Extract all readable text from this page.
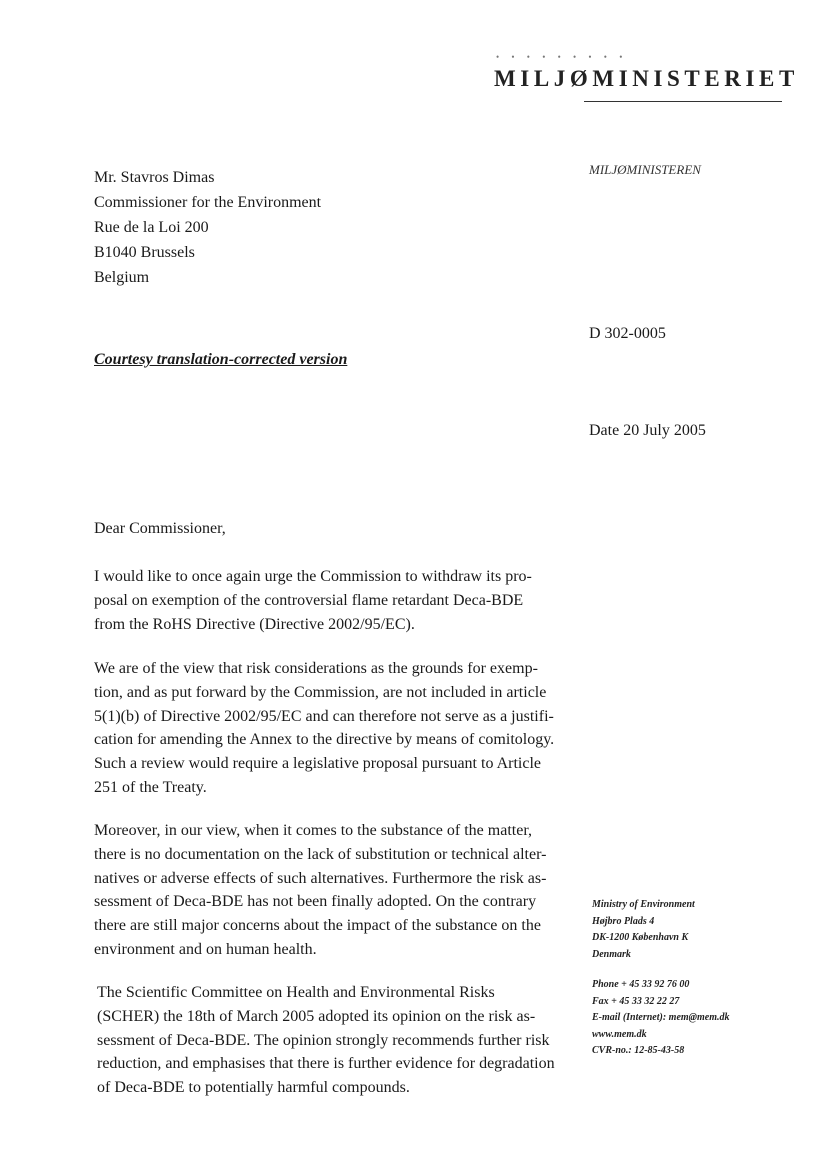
• • • • • • • • •
MILJØMINISTERIET
MILJØMINISTEREN
Mr. Stavros Dimas
Commissioner for the Environment
Rue de la Loi 200
B1040 Brussels
Belgium
Courtesy translation-corrected version
D 302-0005
Date 20 July 2005
Dear Commissioner,
I would like to once again urge the Commission to withdraw its pro-
posal on exemption of the controversial flame retardant Deca-BDE
from the RoHS Directive (Directive 2002/95/EC).
We are of the view that risk considerations as the grounds for exemp-
tion, and as put forward by the Commission, are not included in article
5(1)(b) of Directive 2002/95/EC and can therefore not serve as a justifi-
cation for amending the Annex to the directive by means of comitology.
Such a review would require a legislative proposal pursuant to Article
251 of the Treaty.
Moreover, in our view, when it comes to the substance of the matter,
there is no documentation on the lack of substitution or technical alter-
natives or adverse effects of such alternatives. Furthermore the risk as-
sessment of Deca-BDE has not been finally adopted. On the contrary
there are still major concerns about the impact of the substance on the
environment and on human health.
The Scientific Committee on Health and Environmental Risks
(SCHER) the 18th of March 2005 adopted its opinion on the risk as-
sessment of Deca-BDE. The opinion strongly recommends further risk
reduction, and emphasises that there is further evidence for degradation
of Deca-BDE to potentially harmful compounds.
Ministry of Environment
Højbro Plads 4
DK-1200 København K
Denmark
Phone + 45 33 92 76 00
Fax + 45 33 32 22 27
E-mail (Internet): mem@mem.dk
www.mem.dk
CVR-no.: 12-85-43-58
